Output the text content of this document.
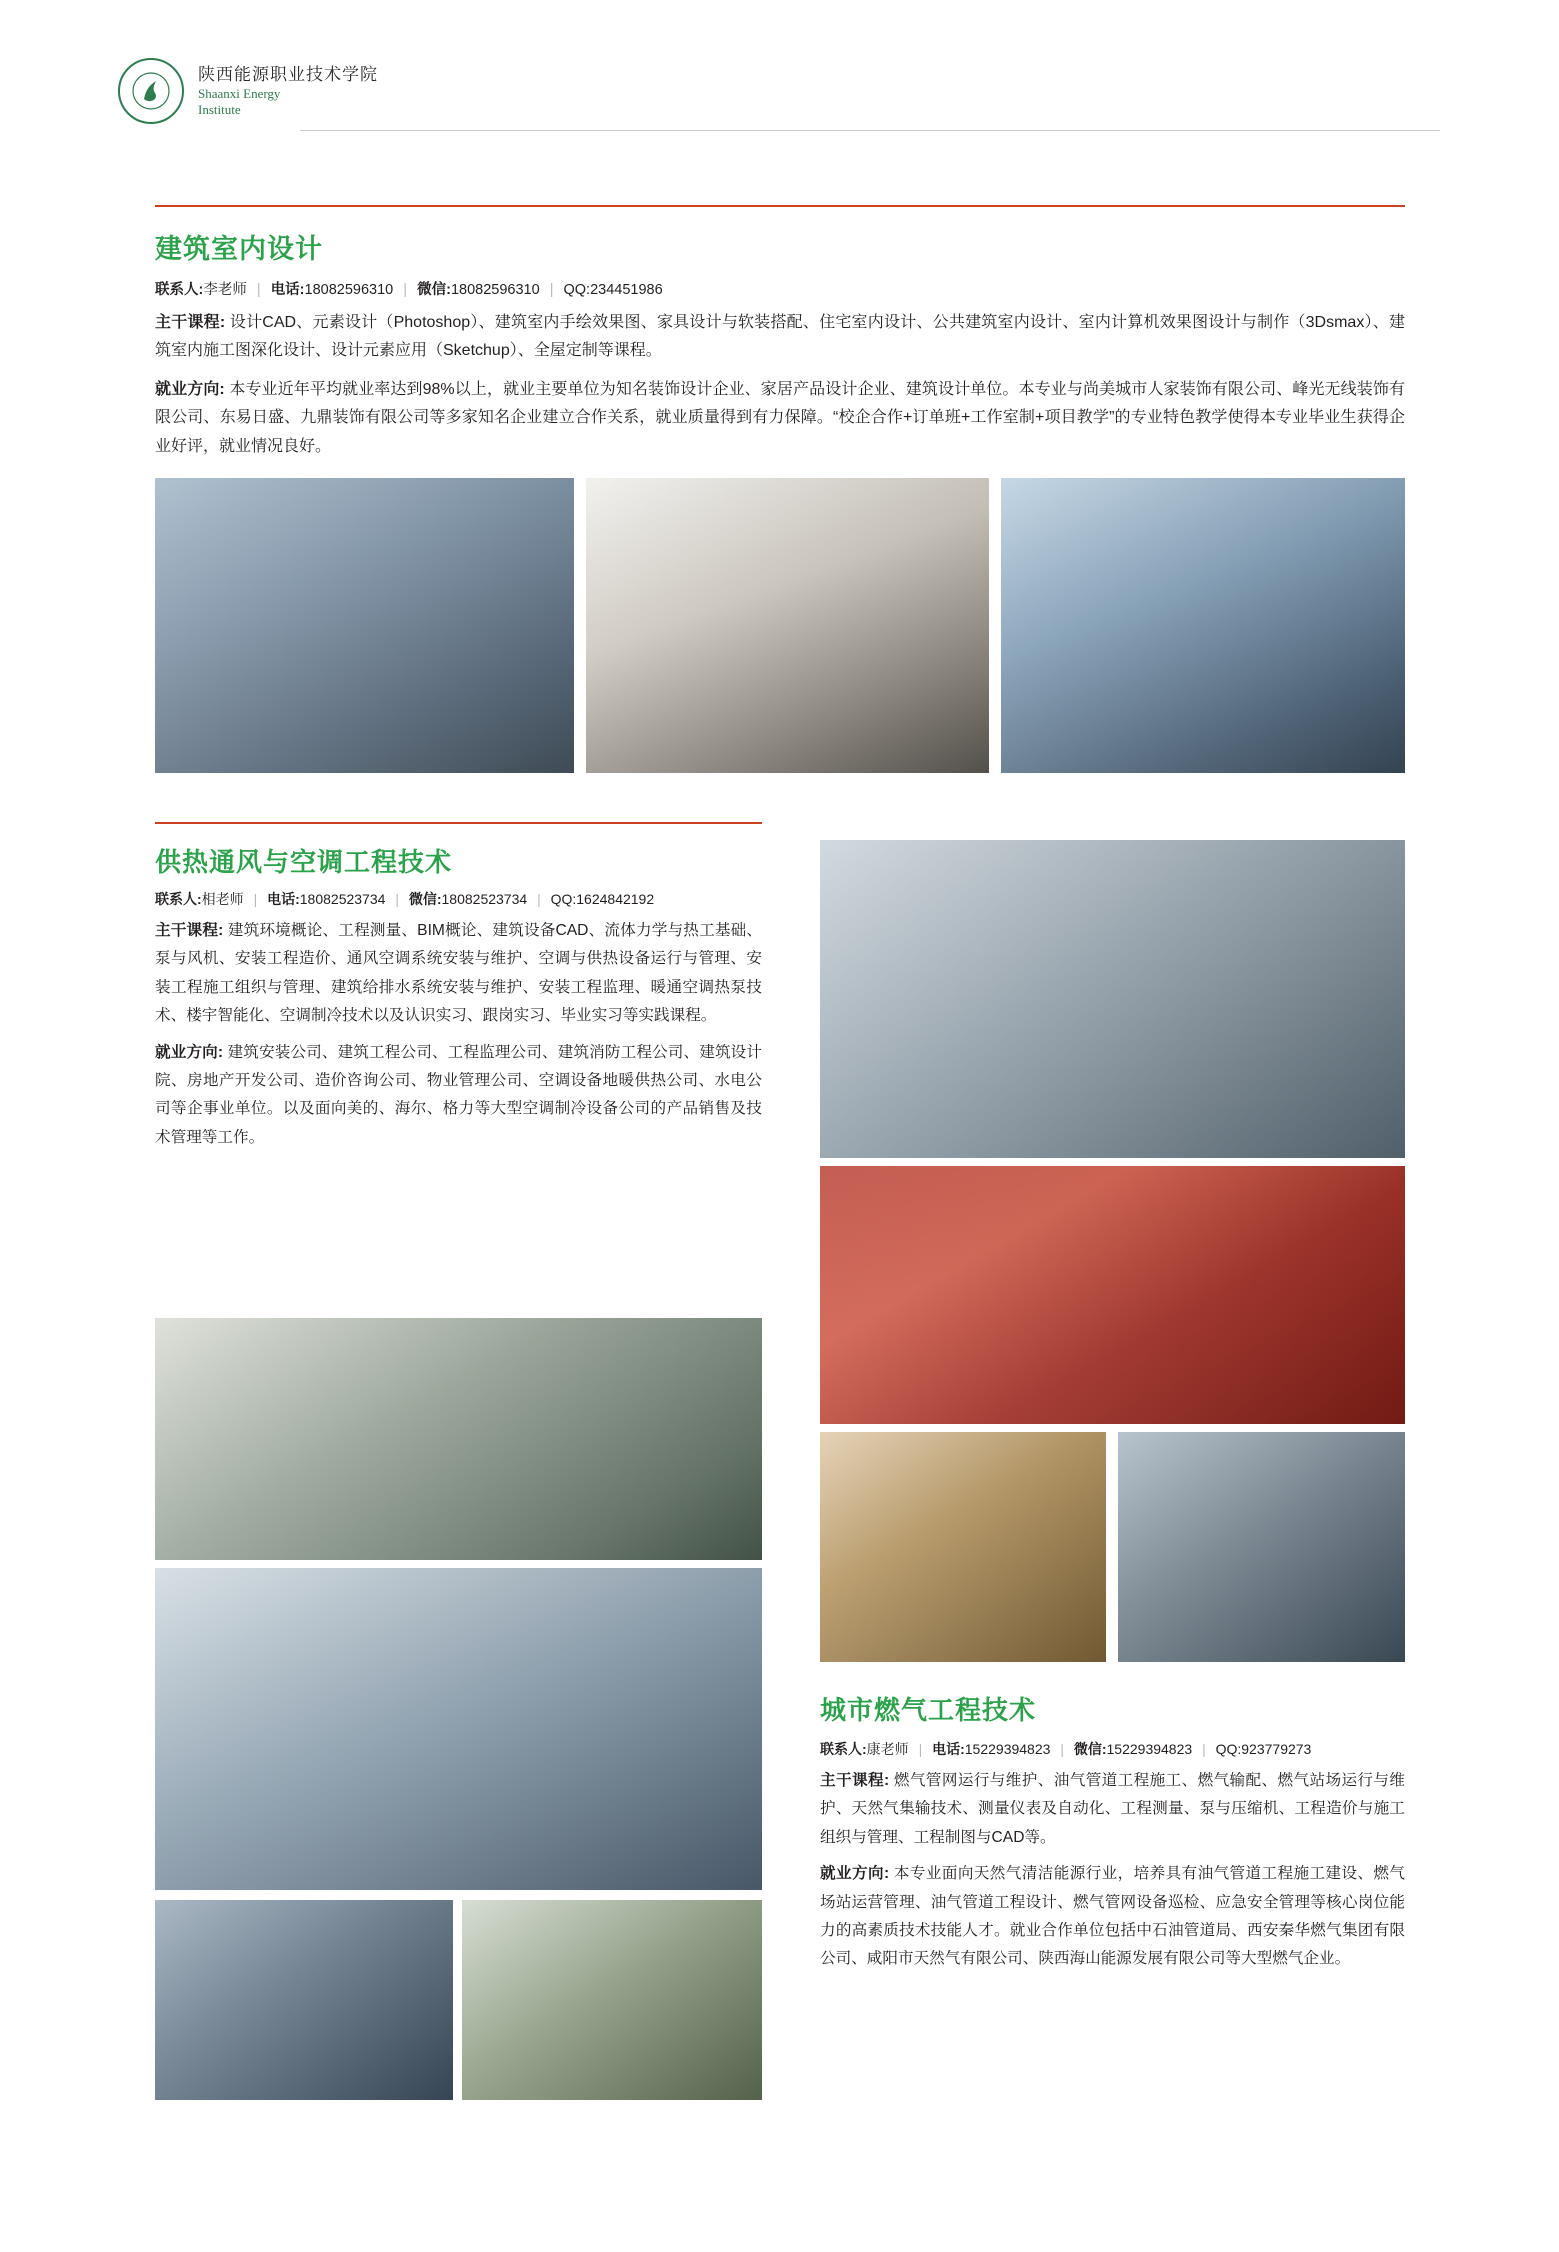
陕西能源职业技术学院
Shaanxi Energy
Institute
建筑室内设计
联系人:李老师 | 电话:18082596310 | 微信:18082596310 | QQ:234451986
主干课程: 设计CAD、元素设计（Photoshop）、建筑室内手绘效果图、家具设计与软装搭配、住宅室内设计、公共建筑室内设计、室内计算机效果图设计与制作（3Dsmax）、建筑室内施工图深化设计、设计元素应用（Sketchup）、全屋定制等课程。
就业方向: 本专业近年平均就业率达到98%以上，就业主要单位为知名装饰设计企业、家居产品设计企业、建筑设计单位。本专业与尚美城市人家装饰有限公司、峰光无线装饰有限公司、东易日盛、九鼎装饰有限公司等多家知名企业建立合作关系，就业质量得到有力保障。“校企合作+订单班+工作室制+项目教学”的专业特色教学使得本专业毕业生获得企业好评，就业情况良好。
供热通风与空调工程技术
联系人:相老师 | 电话:18082523734 | 微信:18082523734 | QQ:1624842192
主干课程: 建筑环境概论、工程测量、BIM概论、建筑设备CAD、流体力学与热工基础、泵与风机、安装工程造价、通风空调系统安装与维护、空调与供热设备运行与管理、安装工程施工组织与管理、建筑给排水系统安装与维护、安装工程监理、暖通空调热泵技术、楼宇智能化、空调制冷技术以及认识实习、跟岗实习、毕业实习等实践课程。
就业方向: 建筑安装公司、建筑工程公司、工程监理公司、建筑消防工程公司、建筑设计院、房地产开发公司、造价咨询公司、物业管理公司、空调设备地暖供热公司、水电公司等企事业单位。以及面向美的、海尔、格力等大型空调制冷设备公司的产品销售及技术管理等工作。
城市燃气工程技术
联系人:康老师 | 电话:15229394823 | 微信:15229394823 | QQ:923779273
主干课程: 燃气管网运行与维护、油气管道工程施工、燃气输配、燃气站场运行与维护、天然气集输技术、测量仪表及自动化、工程测量、泵与压缩机、工程造价与施工组织与管理、工程制图与CAD等。
就业方向: 本专业面向天然气清洁能源行业，培养具有油气管道工程施工建设、燃气场站运营管理、油气管道工程设计、燃气管网设备巡检、应急安全管理等核心岗位能力的高素质技术技能人才。就业合作单位包括中石油管道局、西安秦华燃气集团有限公司、咸阳市天然气有限公司、陕西海山能源发展有限公司等大型燃气企业。
